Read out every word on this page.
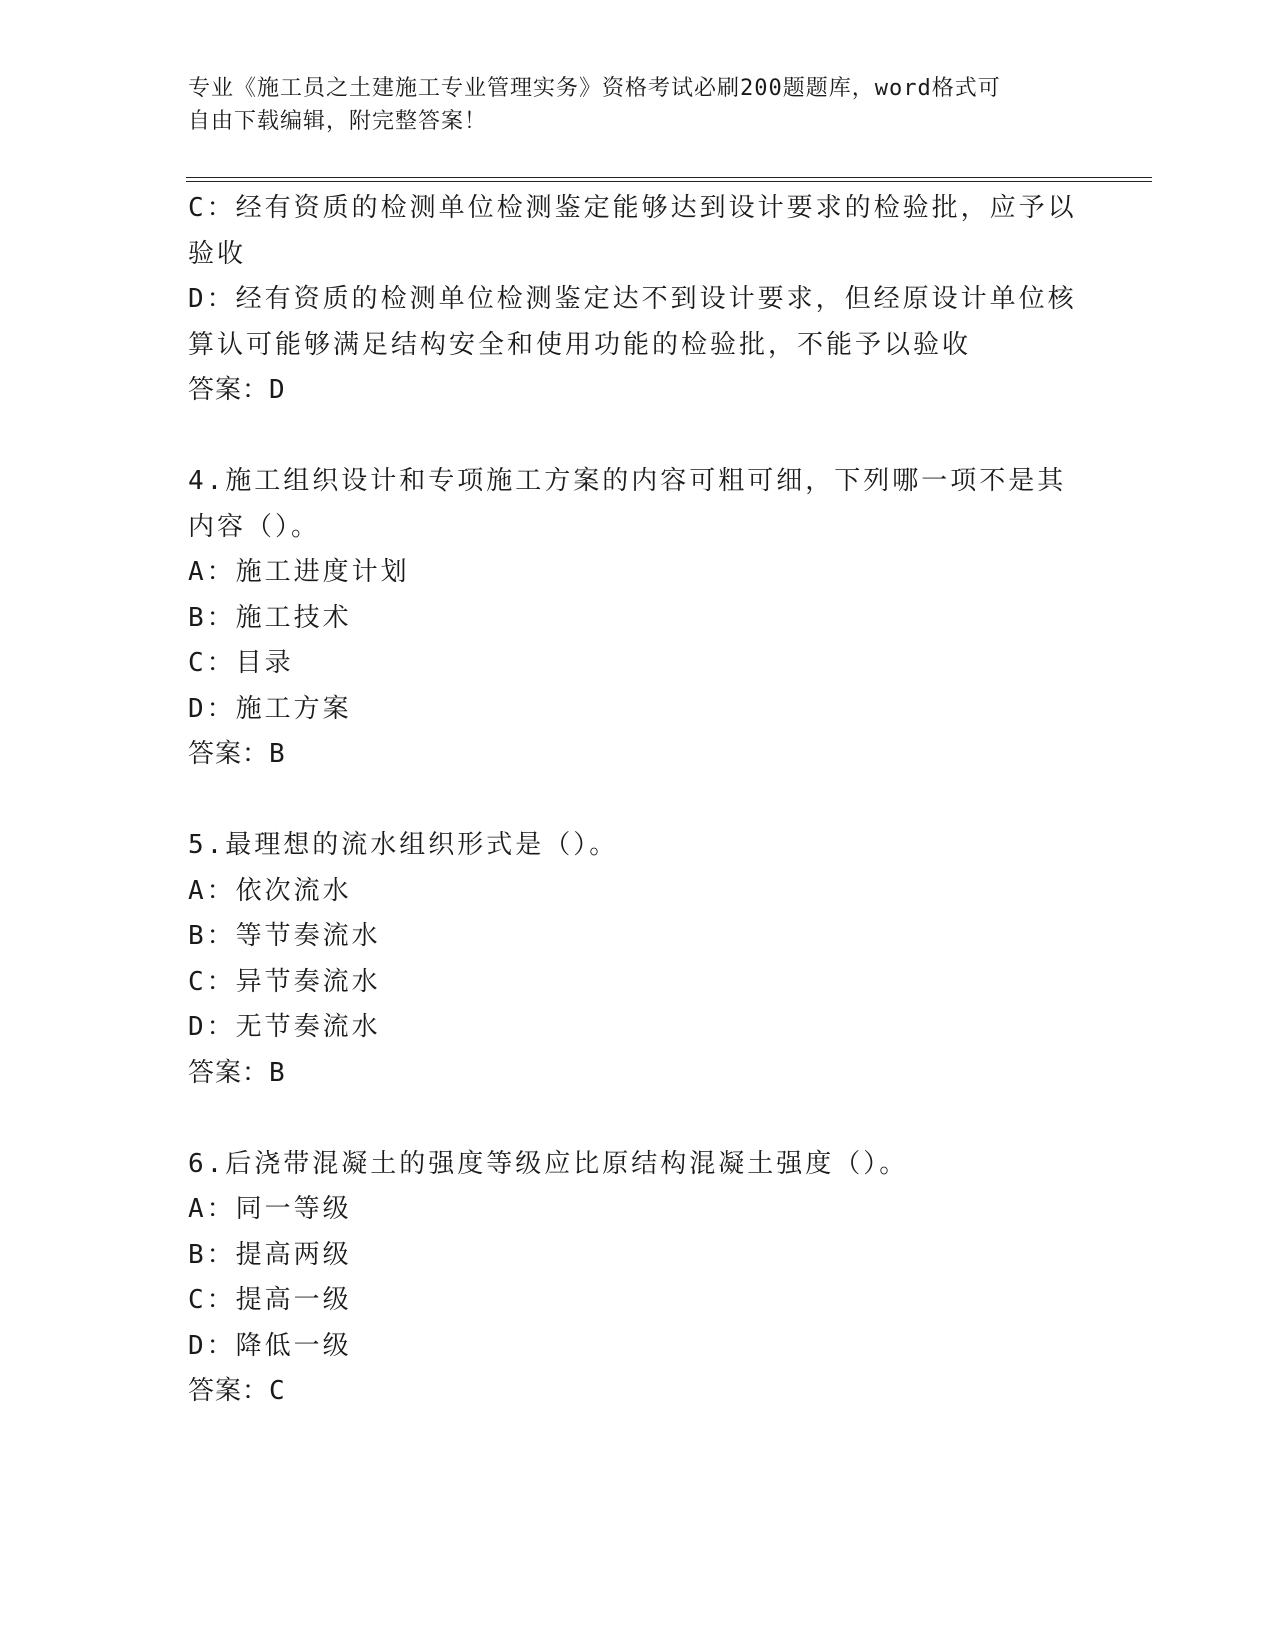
专业《施工员之土建施工专业管理实务》资格考试必刷200题题库，word格式可
自由下载编辑，附完整答案！
C：经有资质的检测单位检测鉴定能够达到设计要求的检验批，应予以
验收
D：经有资质的检测单位检测鉴定达不到设计要求，但经原设计单位核
算认可能够满足结构安全和使用功能的检验批，不能予以验收
答案：D
4.施工组织设计和专项施工方案的内容可粗可细，下列哪一项不是其
内容（）。
A：施工进度计划
B：施工技术
C：目录
D：施工方案
答案：B
5.最理想的流水组织形式是（）。
A：依次流水
B：等节奏流水
C：异节奏流水
D：无节奏流水
答案：B
6.后浇带混凝土的强度等级应比原结构混凝土强度（）。
A：同一等级
B：提高两级
C：提高一级
D：降低一级
答案：C
